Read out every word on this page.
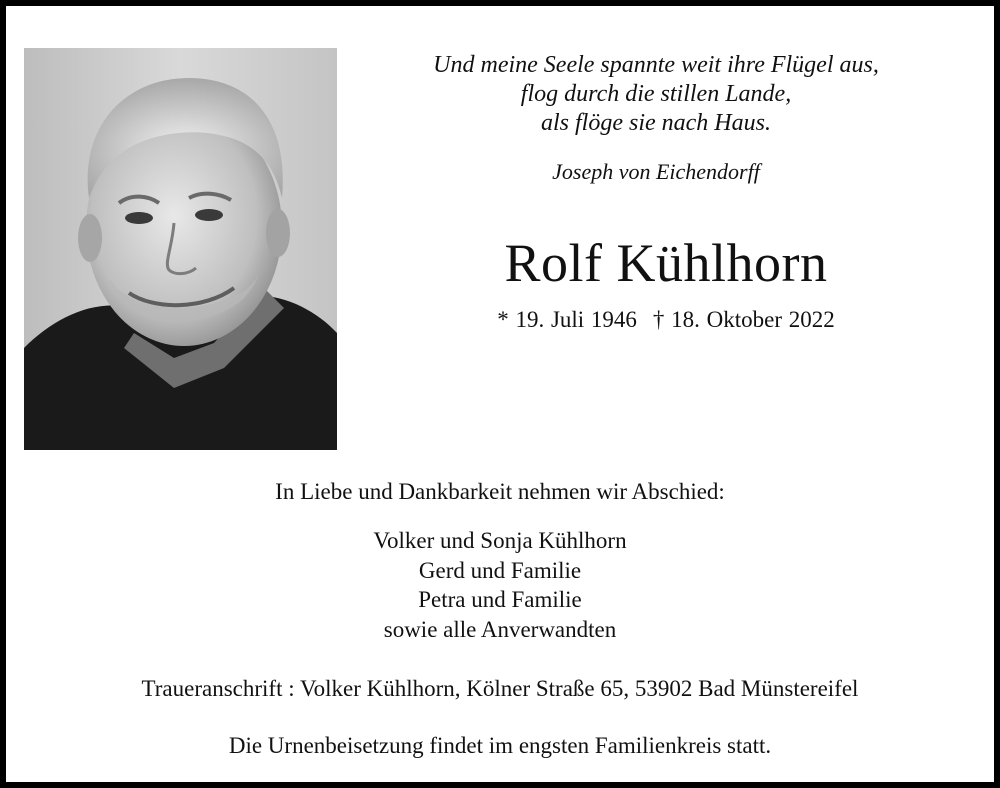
Und meine Seele spannte weit ihre Flügel aus,
flog durch die stillen Lande,
als flöge sie nach Haus.
Joseph von Eichendorff
Rolf Kühlhorn
* 19. Juli 1946 † 18. Oktober 2022
In Liebe und Dankbarkeit nehmen wir Abschied:
Volker und Sonja Kühlhorn
Gerd und Familie
Petra und Familie
sowie alle Anverwandten
Traueranschrift : Volker Kühlhorn, Kölner Straße 65, 53902 Bad Münstereifel
Die Urnenbeisetzung findet im engsten Familienkreis statt.
